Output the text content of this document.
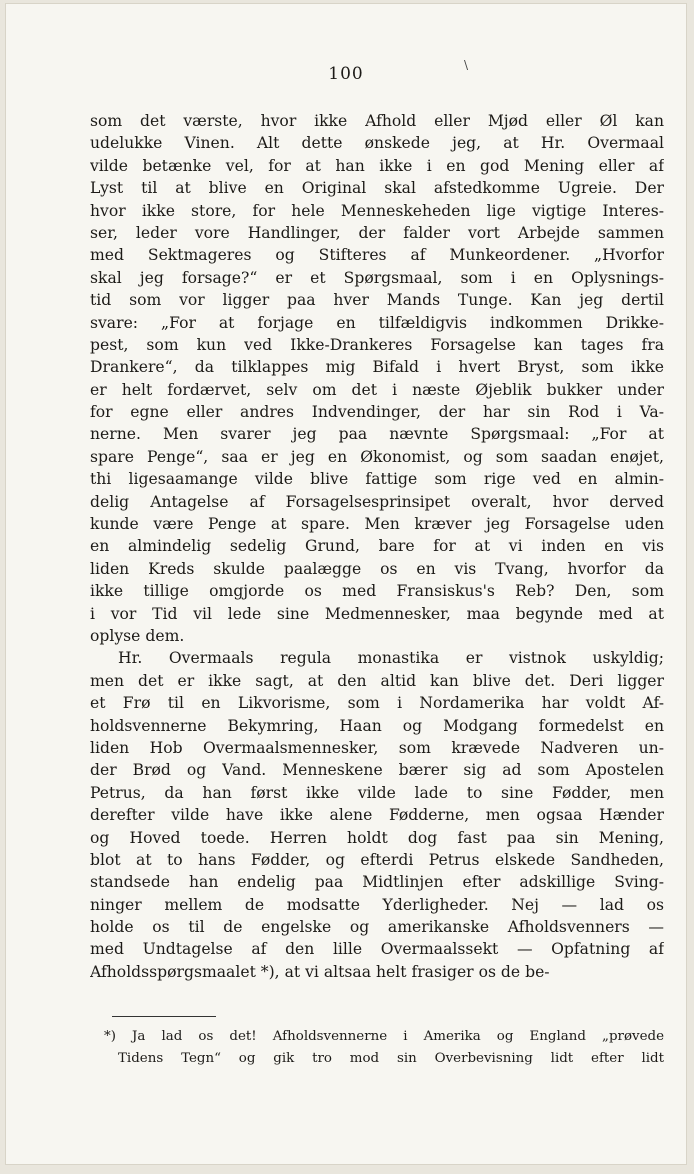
100	\
som det værste, hvor ikke Afhold eller Mjød eller Øl kan
udelukke Vinen. Alt dette ønskede jeg, at Hr. Overmaal
vilde betænke vel, for at han ikke i en god Mening eller af
Lyst til at blive en Original skal afstedkomme Ugreie. Der
hvor ikke store, for hele Menneskeheden lige vigtige Interes-
ser, leder vore Handlinger, der falder vort Arbejde sammen
med Sektmageres og Stifteres af Munkeordener. „Hvorfor
skal jeg forsage?“ er et Spørgsmaal, som i en Oplysnings-
tid som vor ligger paa hver Mands Tunge. Kan jeg dertil
svare: „For at forjage en tilfældigvis indkommen Drikke-
pest, som kun ved Ikke-Drankeres Forsagelse kan tages fra
Drankere“, da tilklappes mig Bifald i hvert Bryst, som ikke
er helt fordærvet, selv om det i næste Øjeblik bukker under
for egne eller andres Indvendinger, der har sin Rod i Va-
nerne. Men svarer jeg paa nævnte Spørgsmaal: „For at
spare Penge“, saa er jeg en Økonomist, og som saadan enøjet,
thi ligesaamange vilde blive fattige som rige ved en almin-
delig Antagelse af Forsagelsesprinsipet overalt, hvor derved
kunde være Penge at spare. Men kræver jeg Forsagelse uden
en almindelig sedelig Grund, bare for at vi inden en vis
liden Kreds skulde paalægge os en vis Tvang, hvorfor da
ikke tillige omgjorde os med Fransiskus's Reb? Den, som
i vor Tid vil lede sine Medmennesker, maa begynde med at
oplyse dem.
Hr. Overmaals regula monastika er vistnok uskyldig;
men det er ikke sagt, at den altid kan blive det. Deri ligger
et Frø til en Likvorisme, som i Nordamerika har voldt Af-
holdsvennerne Bekymring, Haan og Modgang formedelst en
liden Hob Overmaalsmennesker, som krævede Nadveren un-
der Brød og Vand. Menneskene bærer sig ad som Apostelen
Petrus, da han først ikke vilde lade to sine Fødder, men
derefter vilde have ikke alene Fødderne, men ogsaa Hænder
og Hoved toede. Herren holdt dog fast paa sin Mening,
blot at to hans Fødder, og efterdi Petrus elskede Sandheden,
standsede han endelig paa Midtlinjen efter adskillige Sving-
ninger mellem de modsatte Yderligheder. Nej — lad os
holde os til de engelske og amerikanske Afholdsvenners —
med Undtagelse af den lille Overmaalssekt — Opfatning af
Afholdsspørgsmaalet *), at vi altsaa helt frasiger os de be-
*) Ja lad os det! Afholdsvennerne i Amerika og England „prøvede
Tidens Tegn“ og gik tro mod sin Overbevisning lidt efter lidt
